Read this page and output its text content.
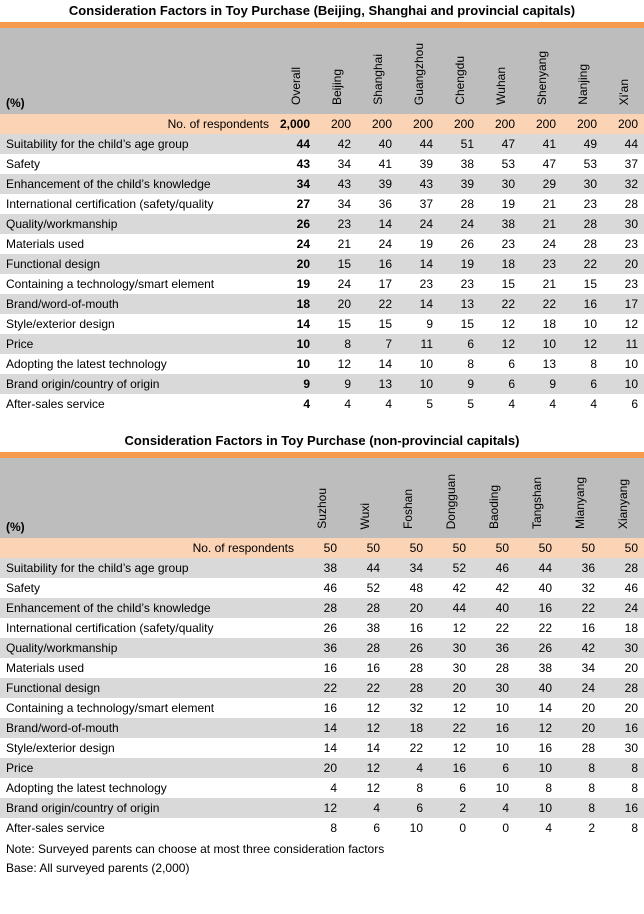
Consideration Factors in Toy Purchase (Beijing, Shanghai and provincial capitals)
(%)	Overall	Beijing	Shanghai	Guangzhou	Chengdu	Wuhan	Shenyang	Nanjing	Xi'an
No. of respondents	2,000	200	200	200	200	200	200	200	200
Suitability for the child’s age group	44	42	40	44	51	47	41	49	44
Safety	43	34	41	39	38	53	47	53	37
Enhancement of the child’s knowledge	34	43	39	43	39	30	29	30	32
International certification (safety/quality	27	34	36	37	28	19	21	23	28
Quality/workmanship	26	23	14	24	24	38	21	28	30
Materials used	24	21	24	19	26	23	24	28	23
Functional design	20	15	16	14	19	18	23	22	20
Containing a technology/smart element	19	24	17	23	23	15	21	15	23
Brand/word-of-mouth	18	20	22	14	13	22	22	16	17
Style/exterior design	14	15	15	9	15	12	18	10	12
Price	10	8	7	11	6	12	10	12	11
Adopting the latest technology	10	12	14	10	8	6	13	8	10
Brand origin/country of origin	9	9	13	10	9	6	9	6	10
After-sales service	4	4	4	5	5	4	4	4	6
Consideration Factors in Toy Purchase (non-provincial capitals)
(%)	Suzhou	Wuxi	Foshan	Dongguan	Baoding	Tangshan	Mianyang	Xianyang
No. of respondents	50	50	50	50	50	50	50	50
Suitability for the child’s age group	38	44	34	52	46	44	36	28
Safety	46	52	48	42	42	40	32	46
Enhancement of the child’s knowledge	28	28	20	44	40	16	22	24
International certification (safety/quality	26	38	16	12	22	22	16	18
Quality/workmanship	36	28	26	30	36	26	42	30
Materials used	16	16	28	30	28	38	34	20
Functional design	22	22	28	20	30	40	24	28
Containing a technology/smart element	16	12	32	12	10	14	20	20
Brand/word-of-mouth	14	12	18	22	16	12	20	16
Style/exterior design	14	14	22	12	10	16	28	30
Price	20	12	4	16	6	10	8	8
Adopting the latest technology	4	12	8	6	10	8	8	8
Brand origin/country of origin	12	4	6	2	4	10	8	16
After-sales service	8	6	10	0	0	4	2	8
Note: Surveyed parents can choose at most three consideration factors
Base: All surveyed parents (2,000)
